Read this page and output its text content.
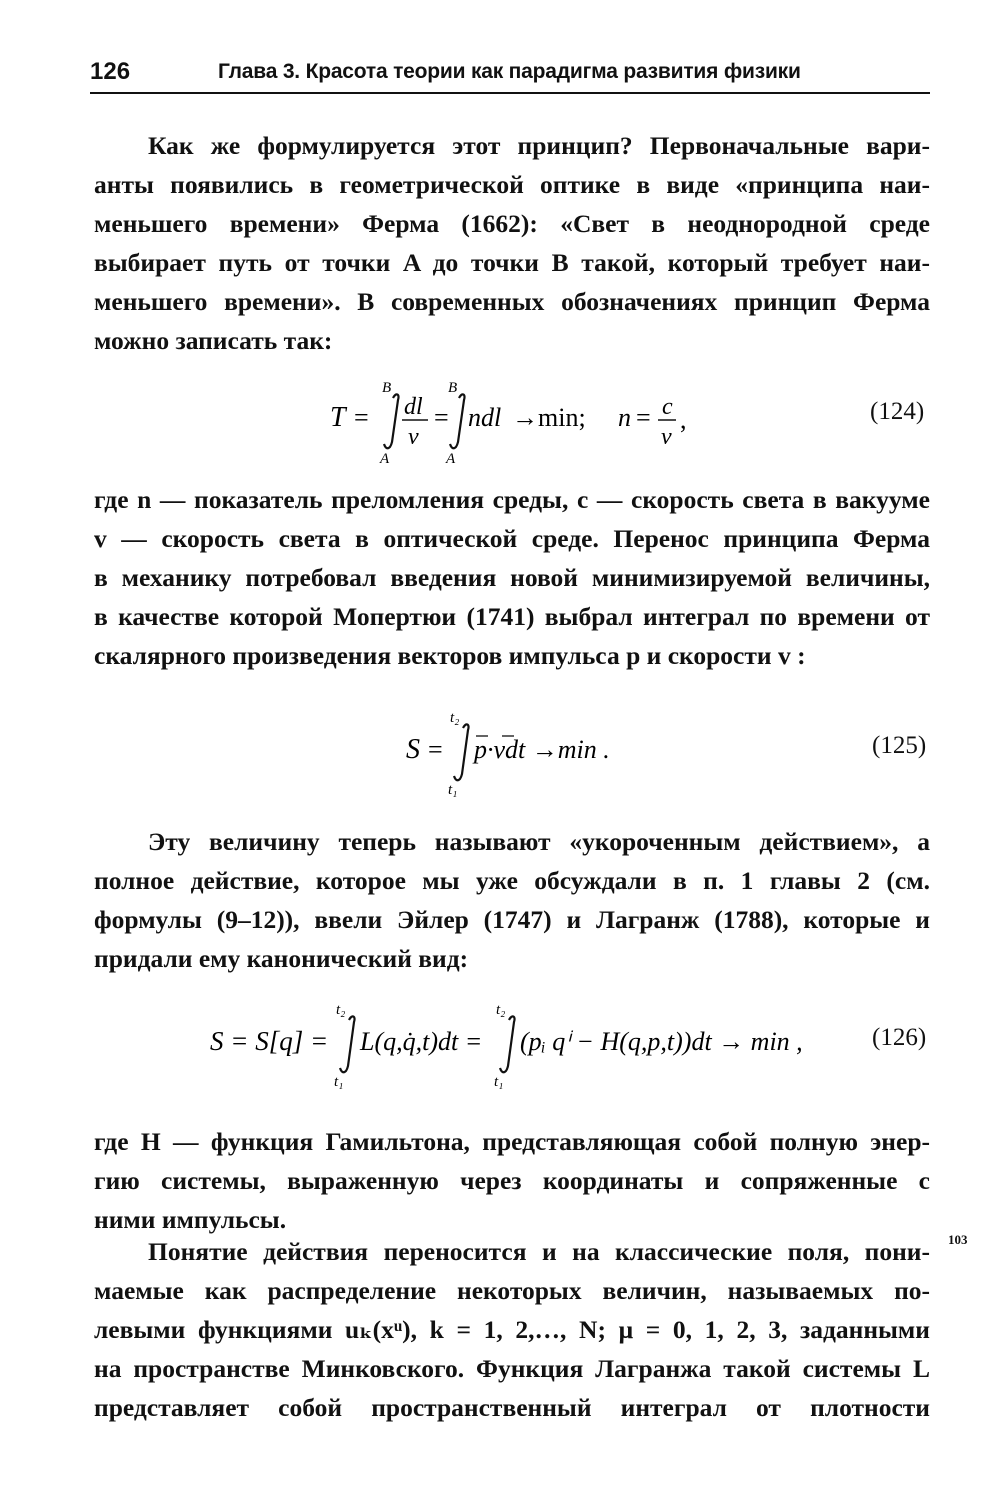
126	Глава 3. Красота теории как парадигма развития физики
Как же формулируется этот принцип? Первоначальные вари-
анты появились в геометрической оптике в виде «принципа наи-
меньшего времени» Ферма (1662): «Свет в неоднородной среде
выбирает путь от точки A до точки B такой, который требует наи-
меньшего времени». В современных обозначениях принцип Ферма
можно записать так:
T =
B
A
dl
v
=
B
A
ndl →min; n = c
v
,	(124)
где n — показатель преломления среды, c — скорость света в вакууме
v — скорость света в оптической среде. Перенос принципа Ферма
в механику потребовал введения новой минимизируемой величины,
в качестве которой Мопертюи (1741) выбрал интеграл по времени от
скалярного произведения векторов импульса p и скорости v :
S =
t₂
t₁
p·vdt →min .	(125)
Эту величину теперь называют «укороченным действием», а
полное действие, которое мы уже обсуждали в п. 1 главы 2 (см.
формулы (9–12)), ввели Эйлер (1747) и Лагранж (1788), которые и
придали ему канонический вид:
S = S[q] =
t₂
t₁
L(q,q̇,t)dt =
t₂
t₁
(pᵢ qⁱ − H(q,p,t))dt → min ,	(126)
где H — функция Гамильтона, представляющая собой полную энер-
гию системы, выраженную через координаты и сопряженные с
ними импульсы.
Понятие действия переносится и на классические поля, пони-
маемые как распределение некоторых величин, называемых по-
левыми функциями uₖ(xᵘ), k = 1, 2,…, N; μ = 0, 1, 2, 3, заданными
на пространстве Минковского. Функция Лагранжа такой системы L
представляет собой пространственный интеграл от плотности
103
